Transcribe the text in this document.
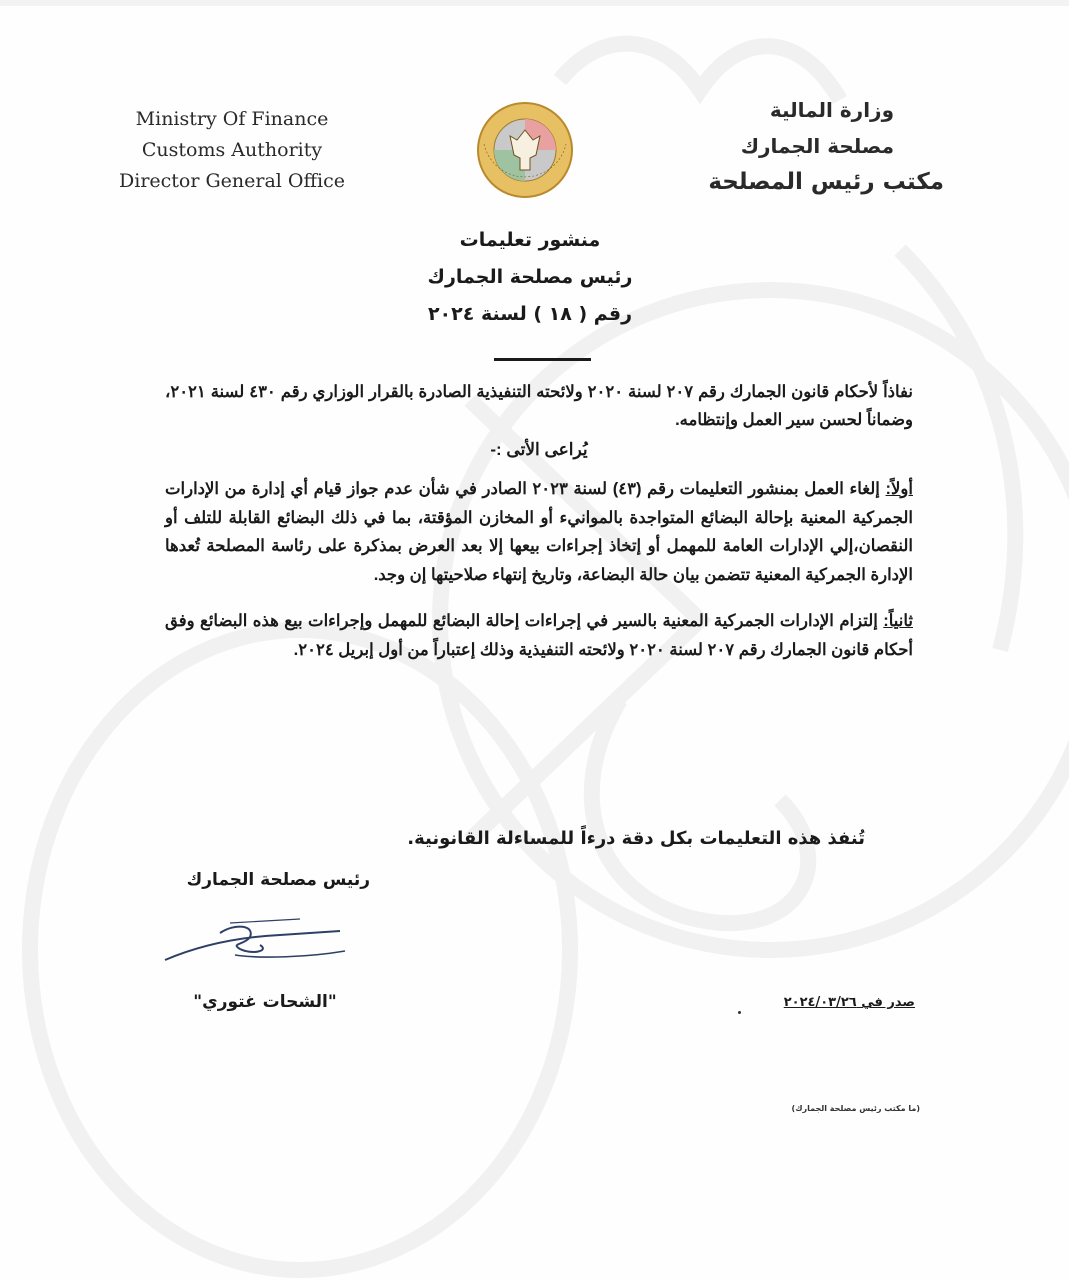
Ministry Of Finance
Customs Authority
Director General Office
وزارة المالية
مصلحة الجمارك
مكتب رئيس المصلحة
منشور تعليمات
رئيس مصلحة الجمارك
رقم ( ١٨ ) لسنة ٢٠٢٤

نفاذاً لأحكام قانون الجمارك رقم ٢٠٧ لسنة ٢٠٢٠ ولائحته التنفيذية الصادرة بالقرار الوزاري رقم ٤٣٠ لسنة ٢٠٢١، وضماناً لحسن سير العمل وإنتظامه.

يُراعى الأتى :-
أولاً: إلغاء العمل بمنشور التعليمات رقم (٤٣) لسنة ٢٠٢٣ الصادر في شأن عدم جواز قيام أي إدارة من الإدارات الجمركية المعنية بإحالة البضائع المتواجدة بالموانيء أو المخازن المؤقتة، بما في ذلك البضائع القابلة للتلف أو النقصان،إلي الإدارات العامة للمهمل أو إتخاذ إجراءات بيعها إلا بعد العرض بمذكرة على رئاسة المصلحة تُعدها الإدارة الجمركية المعنية تتضمن بيان حالة البضاعة، وتاريخ إنتهاء صلاحيتها إن وجد.
ثانياً: إلتزام الإدارات الجمركية المعنية بالسير في إجراءات إحالة البضائع للمهمل وإجراءات بيع هذه البضائع وفق أحكام قانون الجمارك رقم ٢٠٧ لسنة ٢٠٢٠ ولائحته التنفيذية وذلك إعتباراً من أول إبريل ٢٠٢٤.
تُنفذ هذه التعليمات بكل دقة درءاً للمساءلة القانونية.
رئيس مصلحة الجمارك
"الشحات غتوري"	صدر في ٢٠٢٤/٠٣/٢٦
(ما مكتب رئيس مصلحة الجمارك)
